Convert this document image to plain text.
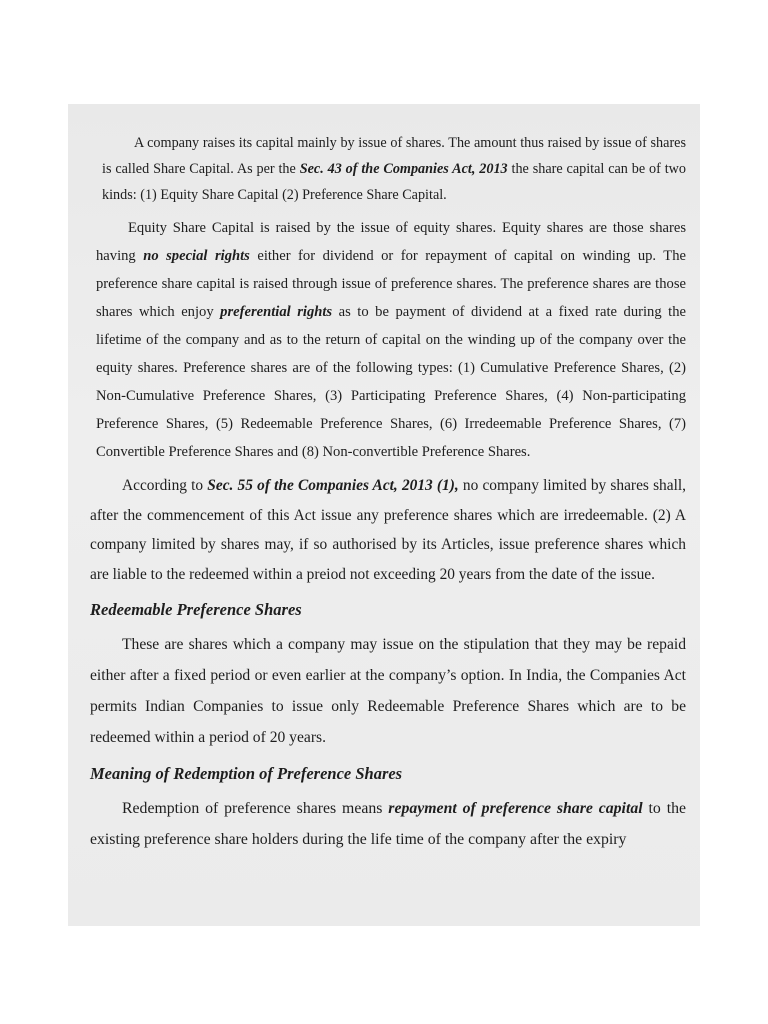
A company raises its capital mainly by issue of shares. The amount thus raised by issue of shares is called Share Capital. As per the Sec. 43 of the Companies Act, 2013 the share capital can be of two kinds: (1) Equity Share Capital (2) Preference Share Capital.

Equity Share Capital is raised by the issue of equity shares. Equity shares are those shares having no special rights either for dividend or for repayment of capital on winding up. The preference share capital is raised through issue of preference shares. The preference shares are those shares which enjoy preferential rights as to be payment of dividend at a fixed rate during the lifetime of the company and as to the return of capital on the winding up of the company over the equity shares. Preference shares are of the following types: (1) Cumulative Preference Shares, (2) Non-Cumulative Preference Shares, (3) Participating Preference Shares, (4) Non-participating Preference Shares, (5) Redeemable Preference Shares, (6) Irredeemable Preference Shares, (7) Convertible Preference Shares and (8) Non-convertible Preference Shares.

According to Sec. 55 of the Companies Act, 2013 (1), no company limited by shares shall, after the commencement of this Act issue any preference shares which are irredeemable. (2) A company limited by shares may, if so authorised by its Articles, issue preference shares which are liable to the redeemed within a preiod not exceeding 20 years from the date of the issue.

Redeemable Preference Shares

These are shares which a company may issue on the stipulation that they may be repaid either after a fixed period or even earlier at the company’s option. In India, the Companies Act permits Indian Companies to issue only Redeemable Preference Shares which are to be redeemed within a period of 20 years.

Meaning of Redemption of Preference Shares

Redemption of preference shares means repayment of preference share capital to the existing preference share holders during the life time of the company after the expiry
